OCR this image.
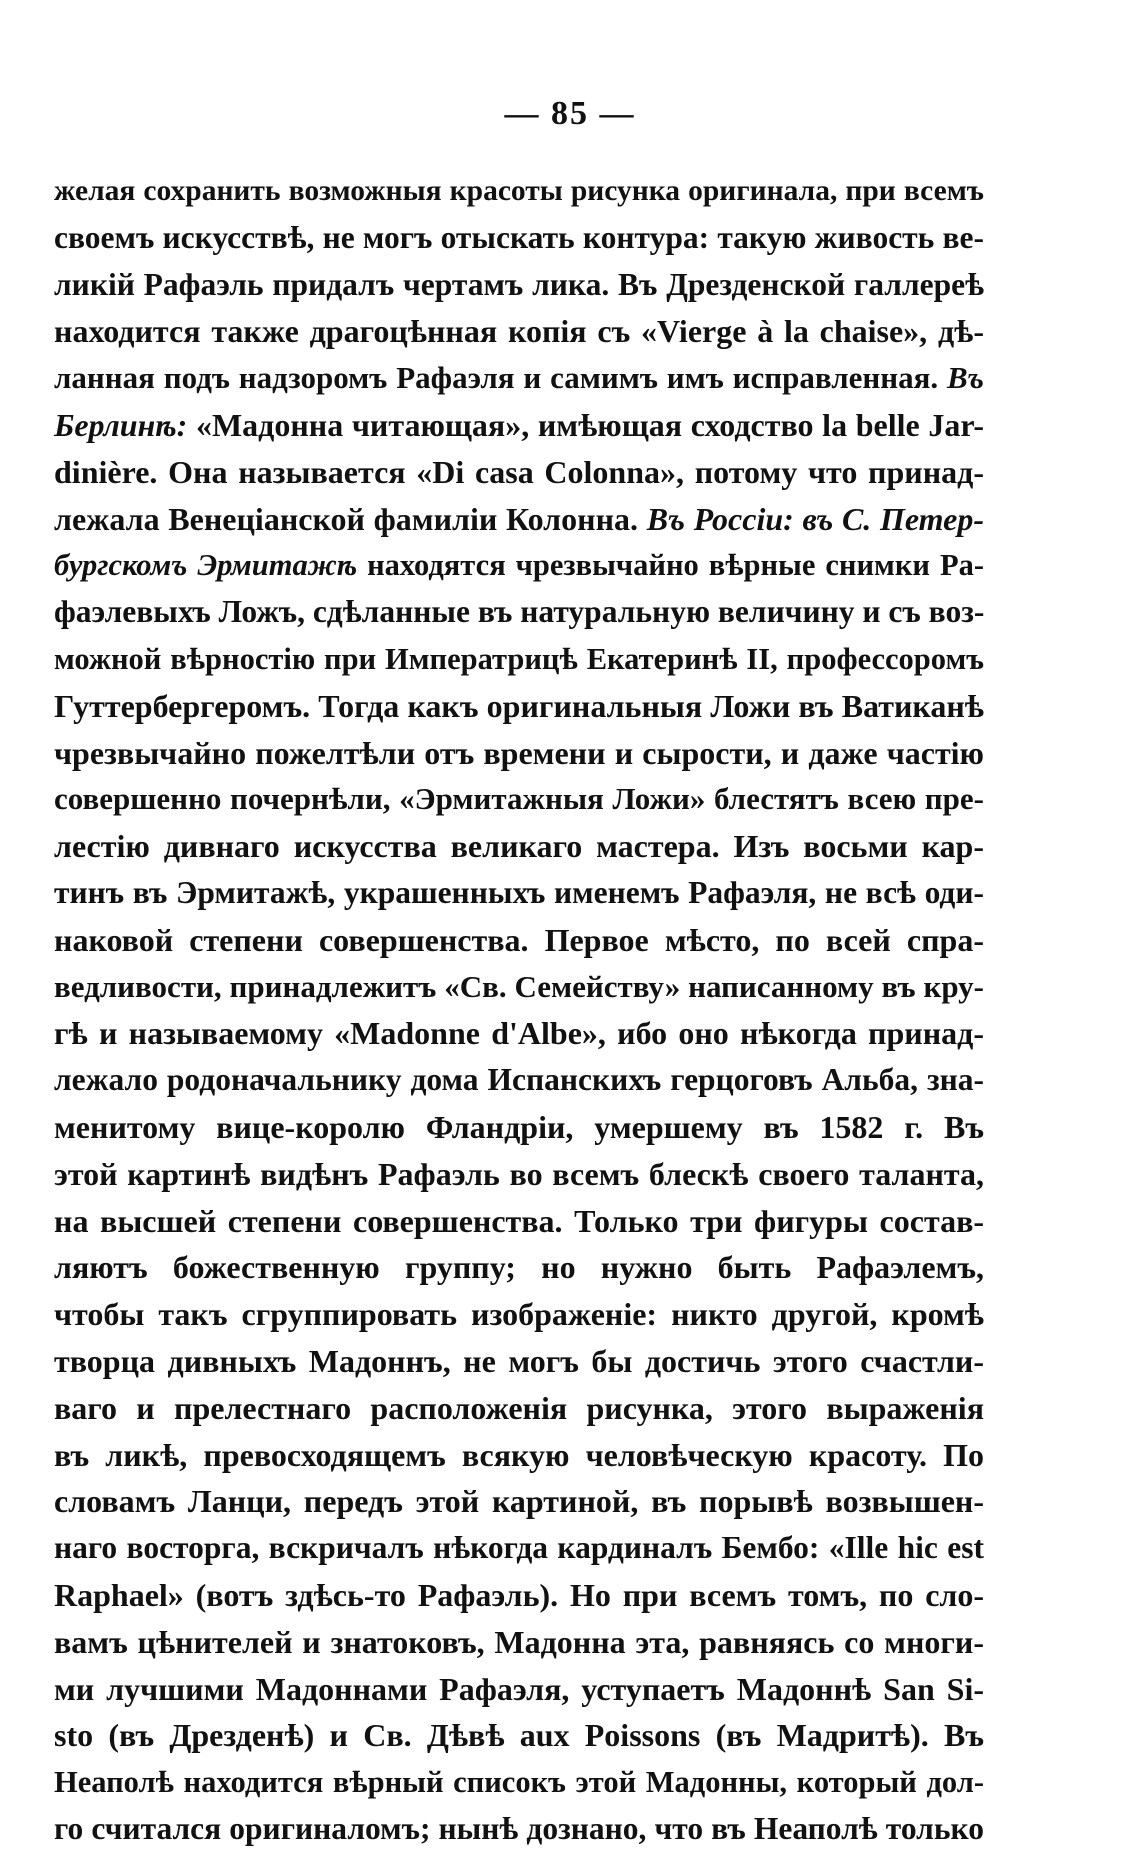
— 85 —
желая сохранить возможныя красоты рисунка оригинала, при всемъ
своемъ искусствѣ, не могъ отыскать контура: такую живость ве-
ликій Рафаэль придалъ чертамъ лика. Въ Дрезденской галлереѣ
находится также драгоцѣнная копія съ «Vierge à la chaise», дѣ-
ланная подъ надзоромъ Рафаэля и самимъ имъ исправленная. Въ
Берлинѣ: «Мадонна читающая», имѣющая сходство la belle Jar-
dinière. Она называется «Di casa Colonna», потому что принад-
лежала Венеціанской фамиліи Колонна. Въ Россіи: въ С. Петер-
бургскомъ Эрмитажѣ находятся чрезвычайно вѣрные снимки Ра-
фаэлевыхъ Ложъ, сдѣланные въ натуральную величину и съ воз-
можной вѣрностію при Императрицѣ Екатеринѣ II, профессоромъ
Гуттербергеромъ. Тогда какъ оригинальныя Ложи въ Ватиканѣ
чрезвычайно пожелтѣли отъ времени и сырости, и даже частію
совершенно почернѣли, «Эрмитажныя Ложи» блестятъ всею пре-
лестію дивнаго искусства великаго мастера. Изъ восьми кар-
тинъ въ Эрмитажѣ, украшенныхъ именемъ Рафаэля, не всѣ оди-
наковой степени совершенства. Первое мѣсто, по всей спра-
ведливости, принадлежитъ «Св. Семейству» написанному въ кру-
гѣ и называемому «Madonne d'Albe», ибо оно нѣкогда принад-
лежало родоначальнику дома Испанскихъ герцоговъ Альба, зна-
менитому вице-королю Фландріи, умершему въ 1582 г. Въ
этой картинѣ видѣнъ Рафаэль во всемъ блескѣ своего таланта,
на высшей степени совершенства. Только три фигуры состав-
ляютъ божественную группу; но нужно быть Рафаэлемъ,
чтобы такъ сгруппировать изображеніе: никто другой, кромѣ
творца дивныхъ Мадоннъ, не могъ бы достичь этого счастли-
ваго и прелестнаго расположенія рисунка, этого выраженія
въ ликѣ, превосходящемъ всякую человѣческую красоту. По
словамъ Ланци, передъ этой картиной, въ порывѣ возвышен-
наго восторга, вскричалъ нѣкогда кардиналъ Бембо: «Ille hic est
Raphael» (вотъ здѣсь-то Рафаэль). Но при всемъ томъ, по сло-
вамъ цѣнителей и знатоковъ, Мадонна эта, равняясь со многи-
ми лучшими Мадоннами Рафаэля, уступаетъ Мадоннѣ San Si-
sto (въ Дрезденѣ) и Св. Дѣвѣ aux Poissons (въ Мадритѣ). Въ
Неаполѣ находится вѣрный списокъ этой Мадонны, который дол-
го считался оригиналомъ; нынѣ дознано, что въ Неаполѣ только
